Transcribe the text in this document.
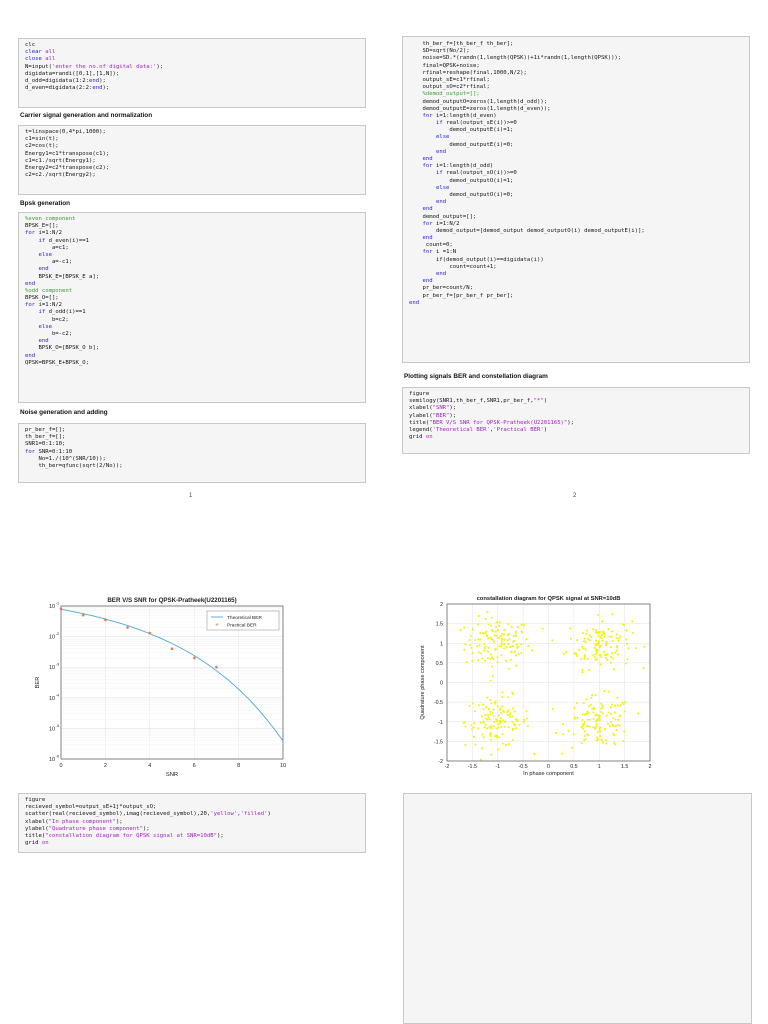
clc
clear all
close all
N=input('enter the no.of digital data:');
digidata=randi([0,1],[1,N]);
d_odd=digidata(1:2:end);
d_even=digidata(2:2:end);
Carrier signal generation and normalization
t=linspace(0,4*pi,1000);
c1=sin(t);
c2=cos(t);
Energy1=c1*transpose(c1);
c1=c1./sqrt(Energy1);
Energy2=c2*transpose(c2);
c2=c2./sqrt(Energy2);
Bpsk generation
%even component
BPSK_E=[];
for i=1:N/2
if d_even(i)==1
a=c1;
else
a=-c1;
end
BPSK_E=[BPSK_E a];
end
%odd component
BPSK_O=[];
for i=1:N/2
if d_odd(i)==1
b=c2;
else
b=-c2;
end
BPSK_O=[BPSK_O b];
end
QPSK=BPSK_E+BPSK_O;
Noise generation and adding
pr_ber_f=[];
th_ber_f=[];
SNR1=0:1:10;
for SNR=0:1:10
No=1./(10^(SNR/10));
th_ber=qfunc(sqrt(2/No));
1
th_ber_f=[th_ber_f th_ber];
SD=sqrt(No/2);
noise=SD.*(randn(1,length(QPSK))+1i*randn(1,length(QPSK)));
final=QPSK+noise;
rfinal=reshape(final,1000,N/2);
output_sE=c1*rfinal;
output_sO=c2*rfinal;
%demod_output=[];
demod_outputO=zeros(1,length(d_odd));
demod_outputE=zeros(1,length(d_even));
for i=1:length(d_even)
if real(output_sE(i))>=0
demod_outputE(i)=1;
else
demod_outputE(i)=0;
end
end
for i=1:length(d_odd)
if real(output_sO(i))>=0
demod_outputO(i)=1;
else
demod_outputO(i)=0;
end
end
demod_output=[];
for i=1:N/2
demod_output=[demod_output demod_outputO(i) demod_outputE(i)];
end
count=0;
for i =1:N
if(demod_output(i)==digidata(i))
count=count+1;
end
end
pr_ber=count/N;
pr_ber_f=[pr_ber_f pr_ber];
end
Plotting signals BER and constellation diagram
figure
semilogy(SNR1,th_ber_f,SNR1,pr_ber_f,"*")
xlabel("SNR");
ylabel("BER");
title("BER V/S SNR for QPSK-Pratheek(U2201165)");
legend('Theoretical BER','Practical BER')
grid on
2
0	2	4	6	8	10
10
-1
10
-2
10
-3
10
-4
10
-5
10
-6
BER V/S SNR for QPSK-Pratheek(U2201165)
SNR
BER
Theoretical BER
Practical BER
-2	-1.5	-1	-0.5	0	0.5	1	1.5	2
2
1.5
1
0.5
0
-0.5
-1
-1.5
-2
constallation diagram for QPSK signal at SNR=10dB
In phase component
Quadrature phase component
figure
recieved_symbol=output_sE+1j*output_sO;
scatter(real(recieved_symbol),imag(recieved_symbol),20,'yellow','filled')
xlabel("In phase component");
ylabel("Quadrature phase component");
title("constallation diagram for QPSK signal at SNR=10dB");
grid on
